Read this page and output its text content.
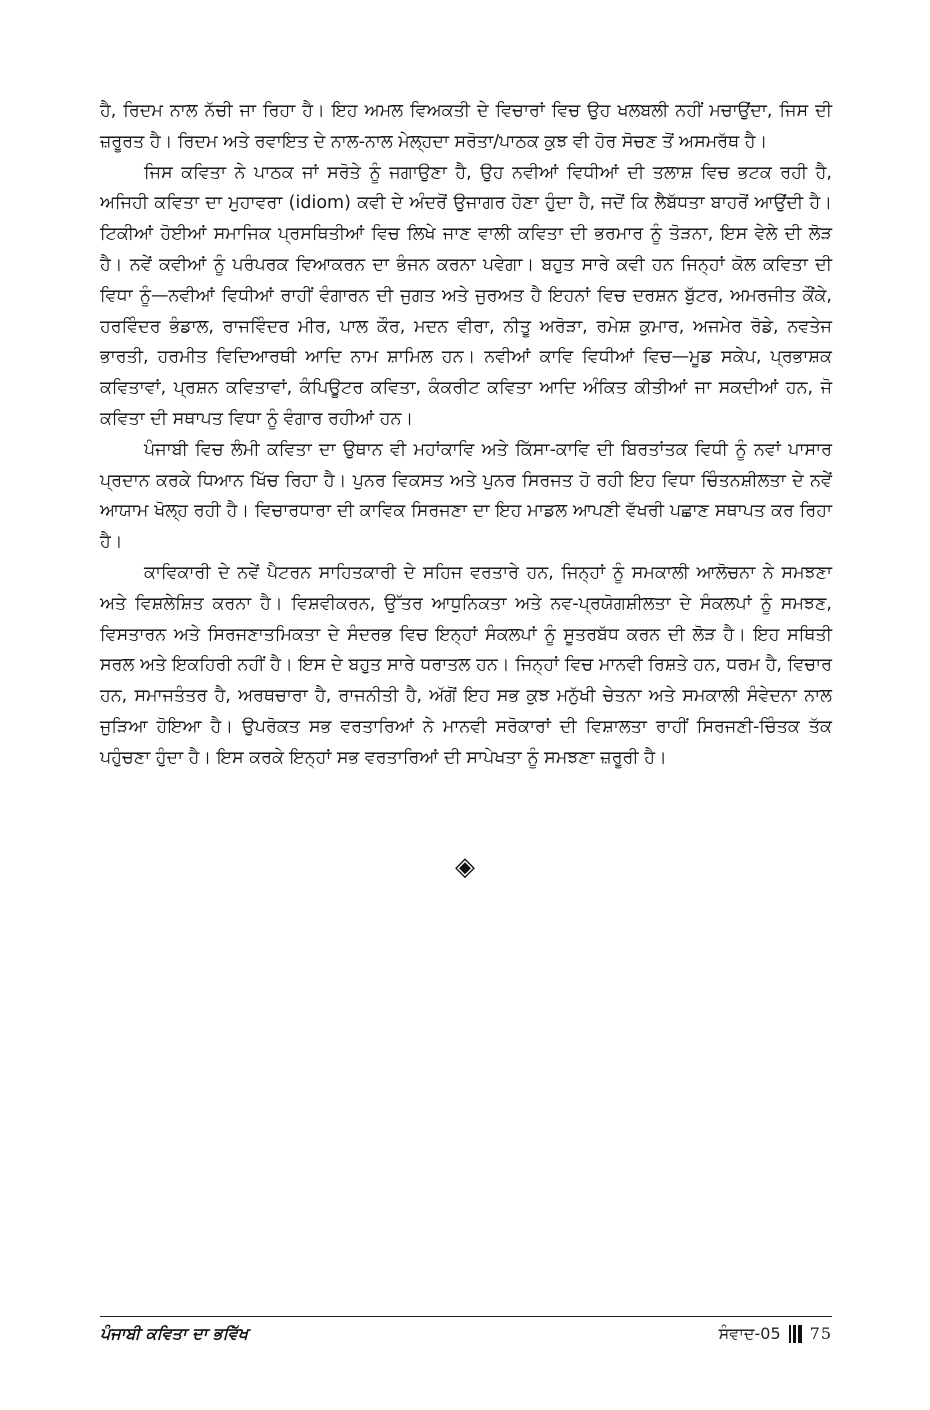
ਹੈ, ਰਿਦਮ ਨਾਲ ਨੱਚੀ ਜਾ ਰਿਹਾ ਹੈ। ਇਹ ਅਮਲ ਵਿਅਕਤੀ ਦੇ ਵਿਚਾਰਾਂ ਵਿਚ ਉਹ ਖਲਬਲੀ ਨਹੀਂ ਮਚਾਉਂਦਾ, ਜਿਸ ਦੀ ਜ਼ਰੂਰਤ ਹੈ। ਰਿਦਮ ਅਤੇ ਰਵਾਇਤ ਦੇ ਨਾਲ-ਨਾਲ ਮੇਲ੍ਹਦਾ ਸਰੋਤਾ/ਪਾਠਕ ਕੁਝ ਵੀ ਹੋਰ ਸੋਚਣ ਤੋਂ ਅਸਮਰੱਥ ਹੈ।

ਜਿਸ ਕਵਿਤਾ ਨੇ ਪਾਠਕ ਜਾਂ ਸਰੋਤੇ ਨੂੰ ਜਗਾਉਣਾ ਹੈ, ਉਹ ਨਵੀਆਂ ਵਿਧੀਆਂ ਦੀ ਤਲਾਸ਼ ਵਿਚ ਭਟਕ ਰਹੀ ਹੈ, ਅਜਿਹੀ ਕਵਿਤਾ ਦਾ ਮੁਹਾਵਰਾ (idiom) ਕਵੀ ਦੇ ਅੰਦਰੋਂ ਉਜਾਗਰ ਹੋਣਾ ਹੁੰਦਾ ਹੈ, ਜਦੋਂ ਕਿ ਲੈਬੱਧਤਾ ਬਾਹਰੋਂ ਆਉਂਦੀ ਹੈ। ਟਿਕੀਆਂ ਹੋਈਆਂ ਸਮਾਜਿਕ ਪ੍ਰਸਥਿਤੀਆਂ ਵਿਚ ਲਿਖੇ ਜਾਣ ਵਾਲੀ ਕਵਿਤਾ ਦੀ ਭਰਮਾਰ ਨੂੰ ਤੋੜਨਾ, ਇਸ ਵੇਲੇ ਦੀ ਲੋੜ ਹੈ। ਨਵੇਂ ਕਵੀਆਂ ਨੂੰ ਪਰੰਪਰਕ ਵਿਆਕਰਨ ਦਾ ਭੰਜਨ ਕਰਨਾ ਪਵੇਗਾ। ਬਹੁਤ ਸਾਰੇ ਕਵੀ ਹਨ ਜਿਨ੍ਹਾਂ ਕੋਲ ਕਵਿਤਾ ਦੀ ਵਿਧਾ ਨੂੰ—ਨਵੀਆਂ ਵਿਧੀਆਂ ਰਾਹੀਂ ਵੰਗਾਰਨ ਦੀ ਜੁਗਤ ਅਤੇ ਜੁਰਅਤ ਹੈ ਇਹਨਾਂ ਵਿਚ ਦਰਸ਼ਨ ਬੁੱਟਰ, ਅਮਰਜੀਤ ਕੌਂਕੇ, ਹਰਵਿੰਦਰ ਭੰਡਾਲ, ਰਾਜਵਿੰਦਰ ਮੀਰ, ਪਾਲ ਕੌਰ, ਮਦਨ ਵੀਰਾ, ਨੀਤੂ ਅਰੋੜਾ, ਰਮੇਸ਼ ਕੁਮਾਰ, ਅਜਮੇਰ ਰੋਡੇ, ਨਵਤੇਜ ਭਾਰਤੀ, ਹਰਮੀਤ ਵਿਦਿਆਰਥੀ ਆਦਿ ਨਾਮ ਸ਼ਾਮਿਲ ਹਨ। ਨਵੀਆਂ ਕਾਵਿ ਵਿਧੀਆਂ ਵਿਚ—ਮੂਡ ਸਕੇਪ, ਪ੍ਰਭਾਸ਼ਕ ਕਵਿਤਾਵਾਂ, ਪ੍ਰਸ਼ਨ ਕਵਿਤਾਵਾਂ, ਕੰਪਿਊਟਰ ਕਵਿਤਾ, ਕੰਕਰੀਟ ਕਵਿਤਾ ਆਦਿ ਅੰਕਿਤ ਕੀਤੀਆਂ ਜਾ ਸਕਦੀਆਂ ਹਨ, ਜੋ ਕਵਿਤਾ ਦੀ ਸਥਾਪਤ ਵਿਧਾ ਨੂੰ ਵੰਗਾਰ ਰਹੀਆਂ ਹਨ।

ਪੰਜਾਬੀ ਵਿਚ ਲੰਮੀ ਕਵਿਤਾ ਦਾ ਉਥਾਨ ਵੀ ਮਹਾਂਕਾਵਿ ਅਤੇ ਕਿੱਸਾ-ਕਾਵਿ ਦੀ ਬਿਰਤਾਂਤਕ ਵਿਧੀ ਨੂੰ ਨਵਾਂ ਪਾਸਾਰ ਪ੍ਰਦਾਨ ਕਰਕੇ ਧਿਆਨ ਖਿੱਚ ਰਿਹਾ ਹੈ। ਪੁਨਰ ਵਿਕਸਤ ਅਤੇ ਪੁਨਰ ਸਿਰਜਤ ਹੋ ਰਹੀ ਇਹ ਵਿਧਾ ਚਿੰਤਨਸ਼ੀਲਤਾ ਦੇ ਨਵੇਂ ਆਯਾਮ ਖੋਲ੍ਹ ਰਹੀ ਹੈ। ਵਿਚਾਰਧਾਰਾ ਦੀ ਕਾਵਿਕ ਸਿਰਜਣਾ ਦਾ ਇਹ ਮਾਡਲ ਆਪਣੀ ਵੱਖਰੀ ਪਛਾਣ ਸਥਾਪਤ ਕਰ ਰਿਹਾ ਹੈ।

ਕਾਵਿਕਾਰੀ ਦੇ ਨਵੇਂ ਪੈਟਰਨ ਸਾਹਿਤਕਾਰੀ ਦੇ ਸਹਿਜ ਵਰਤਾਰੇ ਹਨ, ਜਿਨ੍ਹਾਂ ਨੂੰ ਸਮਕਾਲੀ ਆਲੋਚਨਾ ਨੇ ਸਮਝਣਾ ਅਤੇ ਵਿਸ਼ਲੇਸ਼ਿਤ ਕਰਨਾ ਹੈ। ਵਿਸ਼ਵੀਕਰਨ, ਉੱਤਰ ਆਧੁਨਿਕਤਾ ਅਤੇ ਨਵ-ਪ੍ਰਯੋਗਸ਼ੀਲਤਾ ਦੇ ਸੰਕਲਪਾਂ ਨੂੰ ਸਮਝਣ, ਵਿਸਤਾਰਨ ਅਤੇ ਸਿਰਜਣਾਤਮਿਕਤਾ ਦੇ ਸੰਦਰਭ ਵਿਚ ਇਨ੍ਹਾਂ ਸੰਕਲਪਾਂ ਨੂੰ ਸੂਤਰਬੱਧ ਕਰਨ ਦੀ ਲੋੜ ਹੈ। ਇਹ ਸਥਿਤੀ ਸਰਲ ਅਤੇ ਇਕਹਿਰੀ ਨਹੀਂ ਹੈ। ਇਸ ਦੇ ਬਹੁਤ ਸਾਰੇ ਧਰਾਤਲ ਹਨ। ਜਿਨ੍ਹਾਂ ਵਿਚ ਮਾਨਵੀ ਰਿਸ਼ਤੇ ਹਨ, ਧਰਮ ਹੈ, ਵਿਚਾਰ ਹਨ, ਸਮਾਜਤੰਤਰ ਹੈ, ਅਰਥਚਾਰਾ ਹੈ, ਰਾਜਨੀਤੀ ਹੈ, ਅੱਗੋਂ ਇਹ ਸਭ ਕੁਝ ਮਨੁੱਖੀ ਚੇਤਨਾ ਅਤੇ ਸਮਕਾਲੀ ਸੰਵੇਦਨਾ ਨਾਲ ਜੁੜਿਆ ਹੋਇਆ ਹੈ। ਉਪਰੋਕਤ ਸਭ ਵਰਤਾਰਿਆਂ ਨੇ ਮਾਨਵੀ ਸਰੋਕਾਰਾਂ ਦੀ ਵਿਸ਼ਾਲਤਾ ਰਾਹੀਂ ਸਿਰਜਣੀ-ਚਿੰਤਕ ਤੱਕ ਪਹੁੰਚਣਾ ਹੁੰਦਾ ਹੈ। ਇਸ ਕਰਕੇ ਇਨ੍ਹਾਂ ਸਭ ਵਰਤਾਰਿਆਂ ਦੀ ਸਾਪੇਖਤਾ ਨੂੰ ਸਮਝਣਾ ਜ਼ਰੂਰੀ ਹੈ।

◈
ਪੰਜਾਬੀ ਕਵਿਤਾ ਦਾ ਭਵਿੱਖ	ਸੰਵਾਦ-05 75
